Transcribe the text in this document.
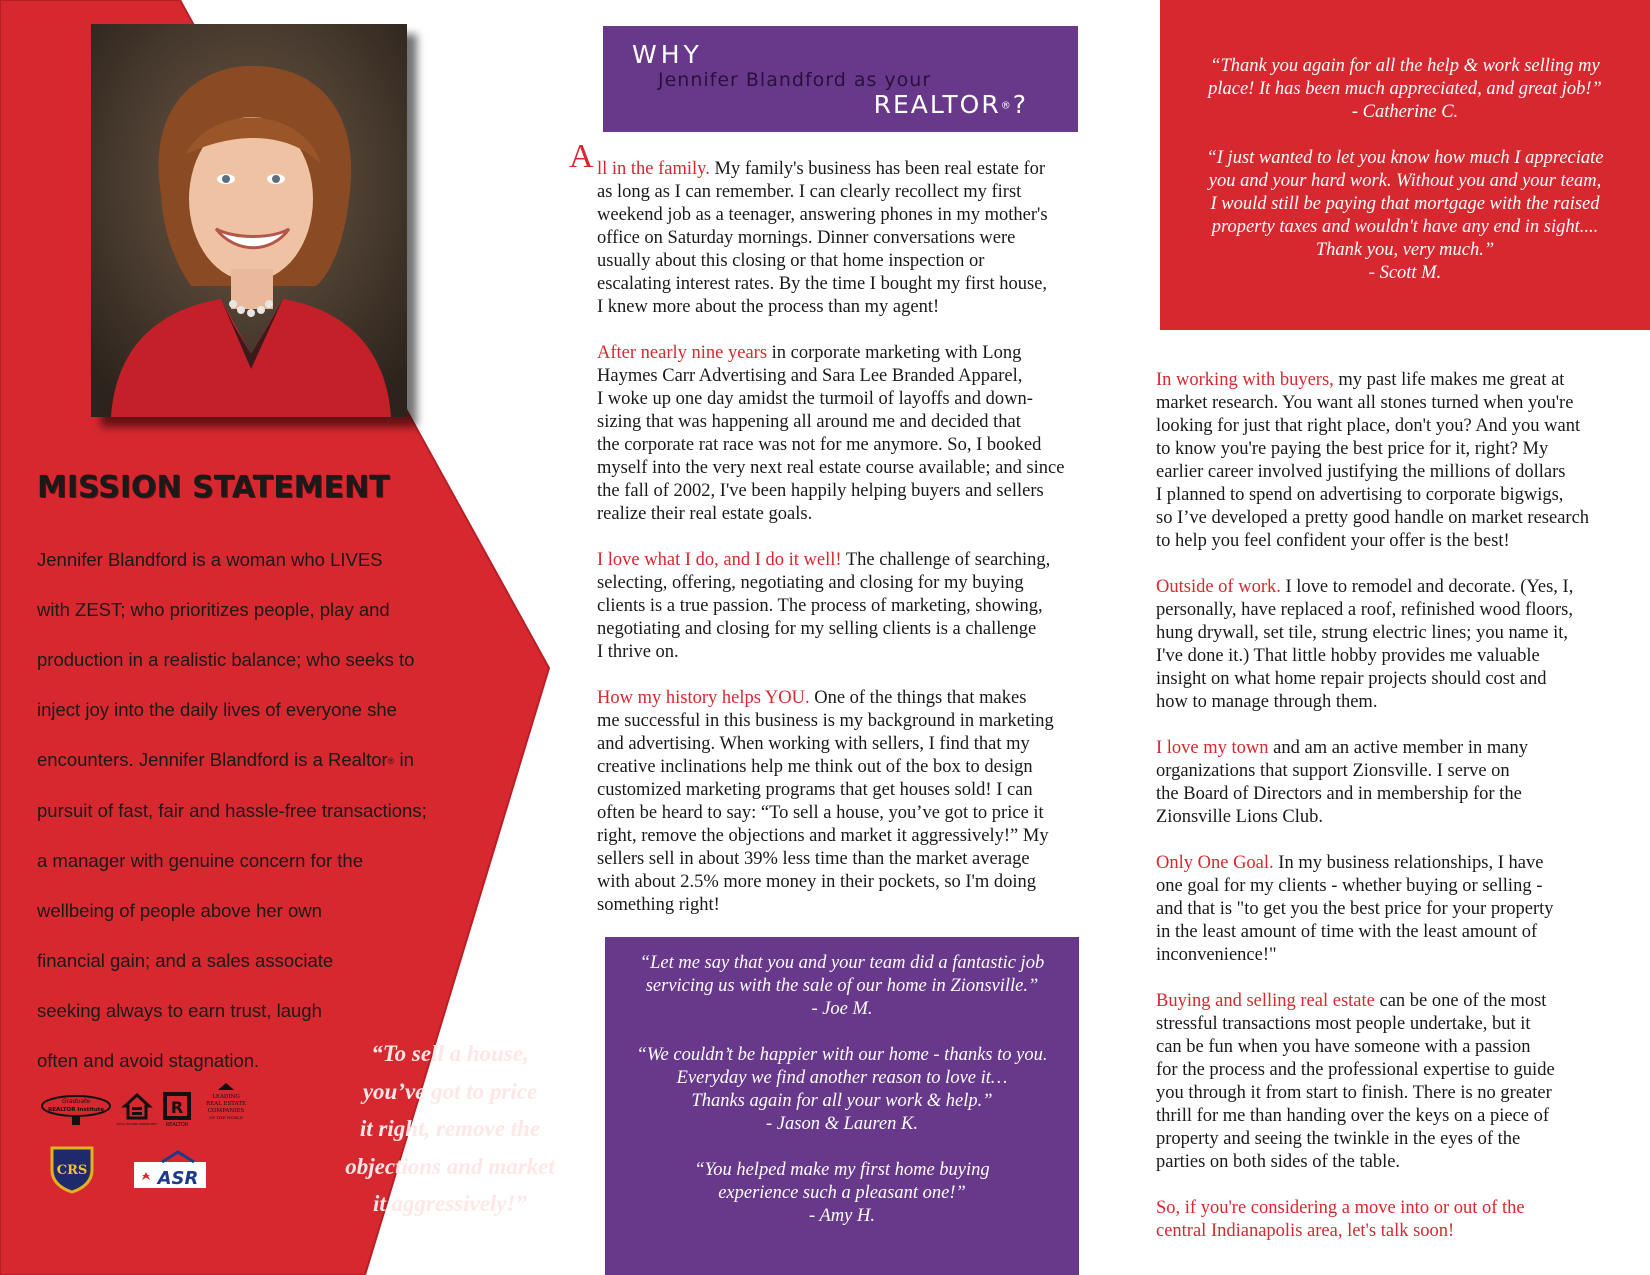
MISSION STATEMENT
Jennifer Blandford is a woman who LIVES
with ZEST; who prioritizes people, play and
production in a realistic balance; who seeks to
inject joy into the daily lives of everyone she
encounters. Jennifer Blandford is a Realtor® in
pursuit of fast, fair and hassle-free transactions;
a manager with genuine concern for the
wellbeing of people above her own
financial gain; and a sales associate
seeking always to earn trust, laugh
often and avoid stagnation.	“To sell a house,
you’ve got to price
it right, remove the
objections and market
it aggressively!”
Graduate
REALTOR Institute
EQUAL HOUSING OPPORTUNITY
R
REALTOR
LEADING
REAL ESTATE
COMPANIES
OF THE WORLD
CRS	ASR
WHY
Jennifer Blandford as your
REALTOR®?
A ll in the family. My family's business has been real estate for
as long as I can remember. I can clearly recollect my first
weekend job as a teenager, answering phones in my mother's
office on Saturday mornings. Dinner conversations were
usually about this closing or that home inspection or
escalating interest rates. By the time I bought my first house,
I knew more about the process than my agent!
After nearly nine years in corporate marketing with Long
Haymes Carr Advertising and Sara Lee Branded Apparel,
I woke up one day amidst the turmoil of layoffs and down-
sizing that was happening all around me and decided that
the corporate rat race was not for me anymore. So, I booked
myself into the very next real estate course available; and since
the fall of 2002, I've been happily helping buyers and sellers
realize their real estate goals.
I love what I do, and I do it well! The challenge of searching,
selecting, offering, negotiating and closing for my buying
clients is a true passion. The process of marketing, showing,
negotiating and closing for my selling clients is a challenge
I thrive on.
How my history helps YOU. One of the things that makes
me successful in this business is my background in marketing
and advertising. When working with sellers, I find that my
creative inclinations help me think out of the box to design
customized marketing programs that get houses sold! I can
often be heard to say: “To sell a house, you’ve got to price it
right, remove the objections and market it aggressively!” My
sellers sell in about 39% less time than the market average
with about 2.5% more money in their pockets, so I'm doing
something right!
“Let me say that you and your team did a fantastic job
servicing us with the sale of our home in Zionsville.”
- Joe M.
“We couldn’t be happier with our home - thanks to you.
Everyday we find another reason to love it…
Thanks again for all your work & help.”
- Jason & Lauren K.
“You helped make my first home buying
experience such a pleasant one!”
- Amy H.
“Thank you again for all the help & work selling my
place! It has been much appreciated, and great job!”
- Catherine C.
“I just wanted to let you know how much I appreciate
you and your hard work. Without you and your team,
I would still be paying that mortgage with the raised
property taxes and wouldn't have any end in sight....
Thank you, very much.”
- Scott M.
In working with buyers, my past life makes me great at
market research. You want all stones turned when you're
looking for just that right place, don't you? And you want
to know you're paying the best price for it, right? My
earlier career involved justifying the millions of dollars
I planned to spend on advertising to corporate bigwigs,
so I’ve developed a pretty good handle on market research
to help you feel confident your offer is the best!
Outside of work. I love to remodel and decorate. (Yes, I,
personally, have replaced a roof, refinished wood floors,
hung drywall, set tile, strung electric lines; you name it,
I've done it.) That little hobby provides me valuable
insight on what home repair projects should cost and
how to manage through them.
I love my town and am an active member in many
organizations that support Zionsville. I serve on
the Board of Directors and in membership for the
Zionsville Lions Club.
Only One Goal. In my business relationships, I have
one goal for my clients - whether buying or selling -
and that is "to get you the best price for your property
in the least amount of time with the least amount of
inconvenience!"
Buying and selling real estate can be one of the most
stressful transactions most people undertake, but it
can be fun when you have someone with a passion
for the process and the professional expertise to guide
you through it from start to finish. There is no greater
thrill for me than handing over the keys on a piece of
property and seeing the twinkle in the eyes of the
parties on both sides of the table.
So, if you're considering a move into or out of the
central Indianapolis area, let's talk soon!
